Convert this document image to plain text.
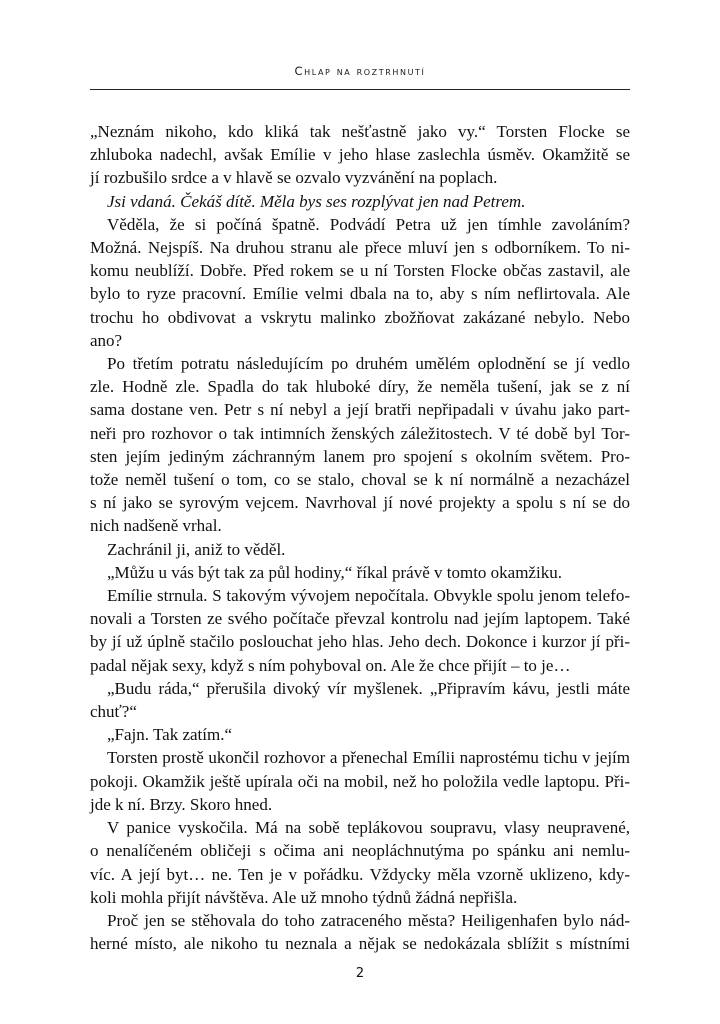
Chlap na roztrhnutí

„Neznám nikoho, kdo kliká tak nešťastně jako vy.“ Torsten Flocke se
zhluboka nadechl, avšak Emílie v jeho hlase zaslechla úsměv. Okamžitě se
jí rozbušilo srdce a v hlavě se ozvalo vyzvánění na poplach.

Jsi vdaná. Čekáš dítě. Měla bys ses rozplývat jen nad Petrem.

Věděla, že si počíná špatně. Podvádí Petra už jen tímhle zavoláním?
Možná. Nejspíš. Na druhou stranu ale přece mluví jen s odborníkem. To ni-
komu neublíží. Dobře. Před rokem se u ní Torsten Flocke občas zastavil, ale
bylo to ryze pracovní. Emílie velmi dbala na to, aby s ním neflirtovala. Ale
trochu ho obdivovat a vskrytu malinko zbožňovat zakázané nebylo. Nebo
ano?

Po třetím potratu následujícím po druhém umělém oplodnění se jí vedlo
zle. Hodně zle. Spadla do tak hluboké díry, že neměla tušení, jak se z ní
sama dostane ven. Petr s ní nebyl a její bratři nepřipadali v úvahu jako part-
neři pro rozhovor o tak intimních ženských záležitostech. V té době byl Tor-
sten jejím jediným záchranným lanem pro spojení s okolním světem. Pro-
tože neměl tušení o tom, co se stalo, choval se k ní normálně a nezacházel
s ní jako se syrovým vejcem. Navrhoval jí nové projekty a spolu s ní se do
nich nadšeně vrhal.

Zachránil ji, aniž to věděl.

„Můžu u vás být tak za půl hodiny,“ říkal právě v tomto okamžiku.

Emílie strnula. S takovým vývojem nepočítala. Obvykle spolu jenom telefo-
novali a Torsten ze svého počítače převzal kontrolu nad jejím laptopem. Také
by jí už úplně stačilo poslouchat jeho hlas. Jeho dech. Dokonce i kurzor jí při-
padal nějak sexy, když s ním pohyboval on. Ale že chce přijít – to je…

„Budu ráda,“ přerušila divoký vír myšlenek. „Připravím kávu, jestli máte
chuť?“

„Fajn. Tak zatím.“

Torsten prostě ukončil rozhovor a přenechal Emílii naprostému tichu v jejím
pokoji. Okamžik ještě upírala oči na mobil, než ho položila vedle laptopu. Při-
jde k ní. Brzy. Skoro hned.

V panice vyskočila. Má na sobě teplákovou soupravu, vlasy neupravené,
o nenalíčeném obličeji s očima ani neopláchnutýma po spánku ani nemlu-
víc. A její byt… ne. Ten je v pořádku. Vždycky měla vzorně uklizeno, kdy-
koli mohla přijít návštěva. Ale už mnoho týdnů žádná nepřišla.

Proč jen se stěhovala do toho zatraceného města? Heiligenhafen bylo nád-
herné místo, ale nikoho tu neznala a nějak se nedokázala sblížit s místními

2
